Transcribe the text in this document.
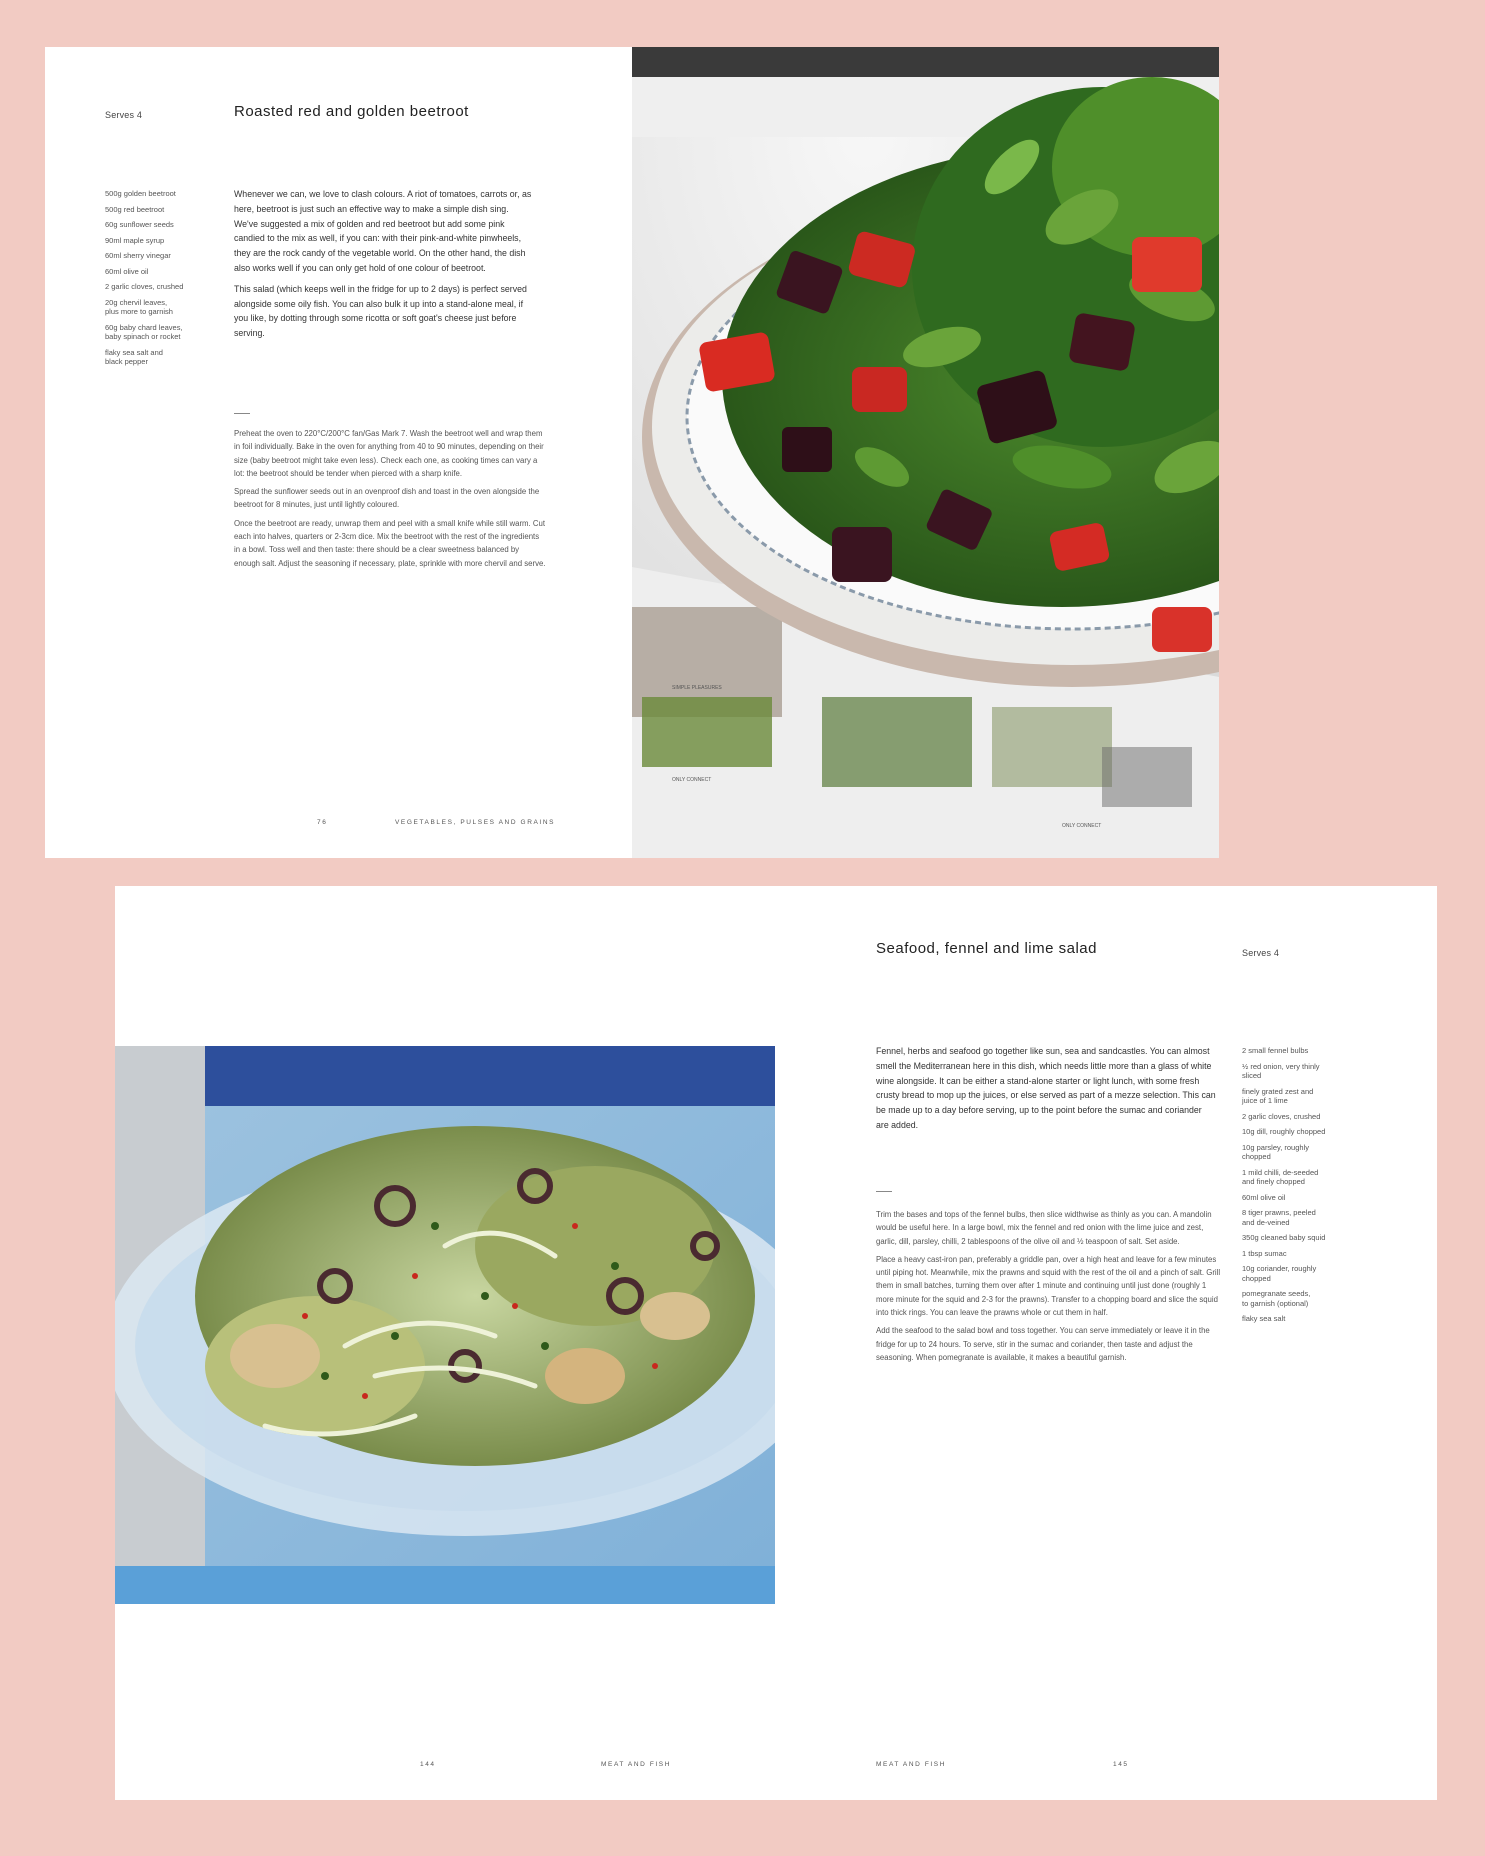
Serves 4	Roasted red and golden beetroot
500g golden beetroot
500g red beetroot
60g sunflower seeds
90ml maple syrup
60ml sherry vinegar
60ml olive oil
2 garlic cloves, crushed
20g chervil leaves,
plus more to garnish
60g baby chard leaves,
baby spinach or rocket
flaky sea salt and
black pepper

Whenever we can, we love to clash colours. A riot of tomatoes, carrots or, as here, beetroot is just such an effective way to make a simple dish sing. We've suggested a mix of golden and red beetroot but add some pink candied to the mix as well, if you can: with their pink-and-white pinwheels, they are the rock candy of the vegetable world. On the other hand, the dish also works well if you can only get hold of one colour of beetroot.

This salad (which keeps well in the fridge for up to 2 days) is perfect served alongside some oily fish. You can also bulk it up into a stand-alone meal, if you like, by dotting through some ricotta or soft goat's cheese just before serving.

Preheat the oven to 220°C/200°C fan/Gas Mark 7. Wash the beetroot well and wrap them in foil individually. Bake in the oven for anything from 40 to 90 minutes, depending on their size (baby beetroot might take even less). Check each one, as cooking times can vary a lot: the beetroot should be tender when pierced with a sharp knife.

Spread the sunflower seeds out in an ovenproof dish and toast in the oven alongside the beetroot for 8 minutes, just until lightly coloured.

Once the beetroot are ready, unwrap them and peel with a small knife while still warm. Cut each into halves, quarters or 2-3cm dice. Mix the beetroot with the rest of the ingredients in a bowl. Toss well and then taste: there should be a clear sweetness balanced by enough salt. Adjust the seasoning if necessary, plate, sprinkle with more chervil and serve.

76	VEGETABLES, PULSES AND GRAINS
SIMPLE PLEASURES
ONLY CONNECT
ONLY CONNECT
Seafood, fennel and lime salad	Serves 4

Fennel, herbs and seafood go together like sun, sea and sandcastles. You can almost smell the Mediterranean here in this dish, which needs little more than a glass of white wine alongside. It can be either a stand-alone starter or light lunch, with some fresh crusty bread to mop up the juices, or else served as part of a mezze selection. This can be made up to a day before serving, up to the point before the sumac and coriander are added.

Trim the bases and tops of the fennel bulbs, then slice widthwise as thinly as you can. A mandolin would be useful here. In a large bowl, mix the fennel and red onion with the lime juice and zest, garlic, dill, parsley, chilli, 2 tablespoons of the olive oil and ½ teaspoon of salt. Set aside.

Place a heavy cast-iron pan, preferably a griddle pan, over a high heat and leave for a few minutes until piping hot. Meanwhile, mix the prawns and squid with the rest of the oil and a pinch of salt. Grill them in small batches, turning them over after 1 minute and continuing until just done (roughly 1 more minute for the squid and 2-3 for the prawns). Transfer to a chopping board and slice the squid into thick rings. You can leave the prawns whole or cut them in half.

Add the seafood to the salad bowl and toss together. You can serve immediately or leave it in the fridge for up to 24 hours. To serve, stir in the sumac and coriander, then taste and adjust the seasoning. When pomegranate is available, it makes a beautiful garnish.

2 small fennel bulbs
½ red onion, very thinly
sliced
finely grated zest and
juice of 1 lime
2 garlic cloves, crushed
10g dill, roughly chopped
10g parsley, roughly
chopped
1 mild chilli, de-seeded
and finely chopped
60ml olive oil
8 tiger prawns, peeled
and de-veined
350g cleaned baby squid
1 tbsp sumac
10g coriander, roughly
chopped
pomegranate seeds,
to garnish (optional)
flaky sea salt
144	MEAT AND FISH	MEAT AND FISH	145
